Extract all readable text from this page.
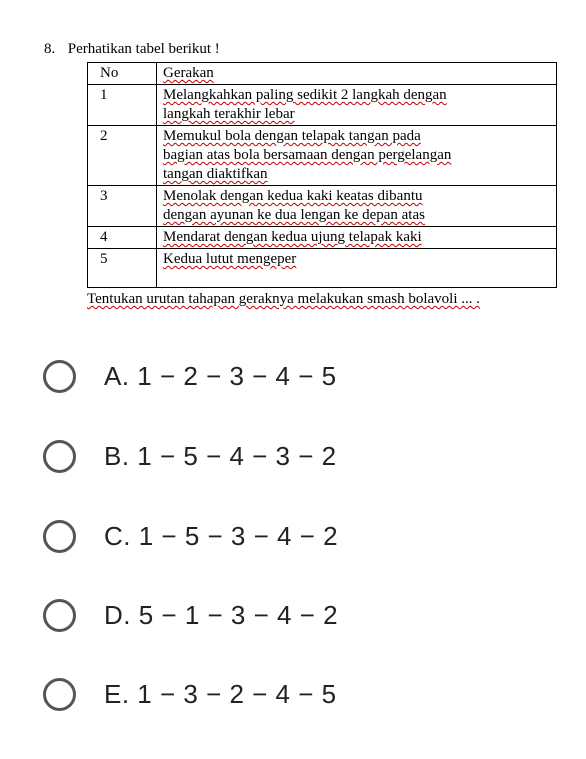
8. Perhatikan tabel berikut !
No	Gerakan
1	Melangkahkan paling sedikit 2 langkah dengan
langkah terakhir lebar

2	Memukul bola dengan telapak tangan pada
bagian atas bola bersamaan dengan pergelangan
tangan diaktifkan

3	Menolak dengan kedua kaki keatas dibantu
dengan ayunan ke dua lengan ke depan atas

4	Mendarat dengan kedua ujung telapak kaki

5	Kedua lutut mengeper
Tentukan urutan tahapan geraknya melakukan smash bolavoli ... .
A. 1 − 2 − 3 − 4 − 5
B. 1 − 5 − 4 − 3 − 2
C. 1 − 5 − 3 − 4 − 2
D. 5 − 1 − 3 − 4 − 2
E. 1 − 3 − 2 − 4 − 5
